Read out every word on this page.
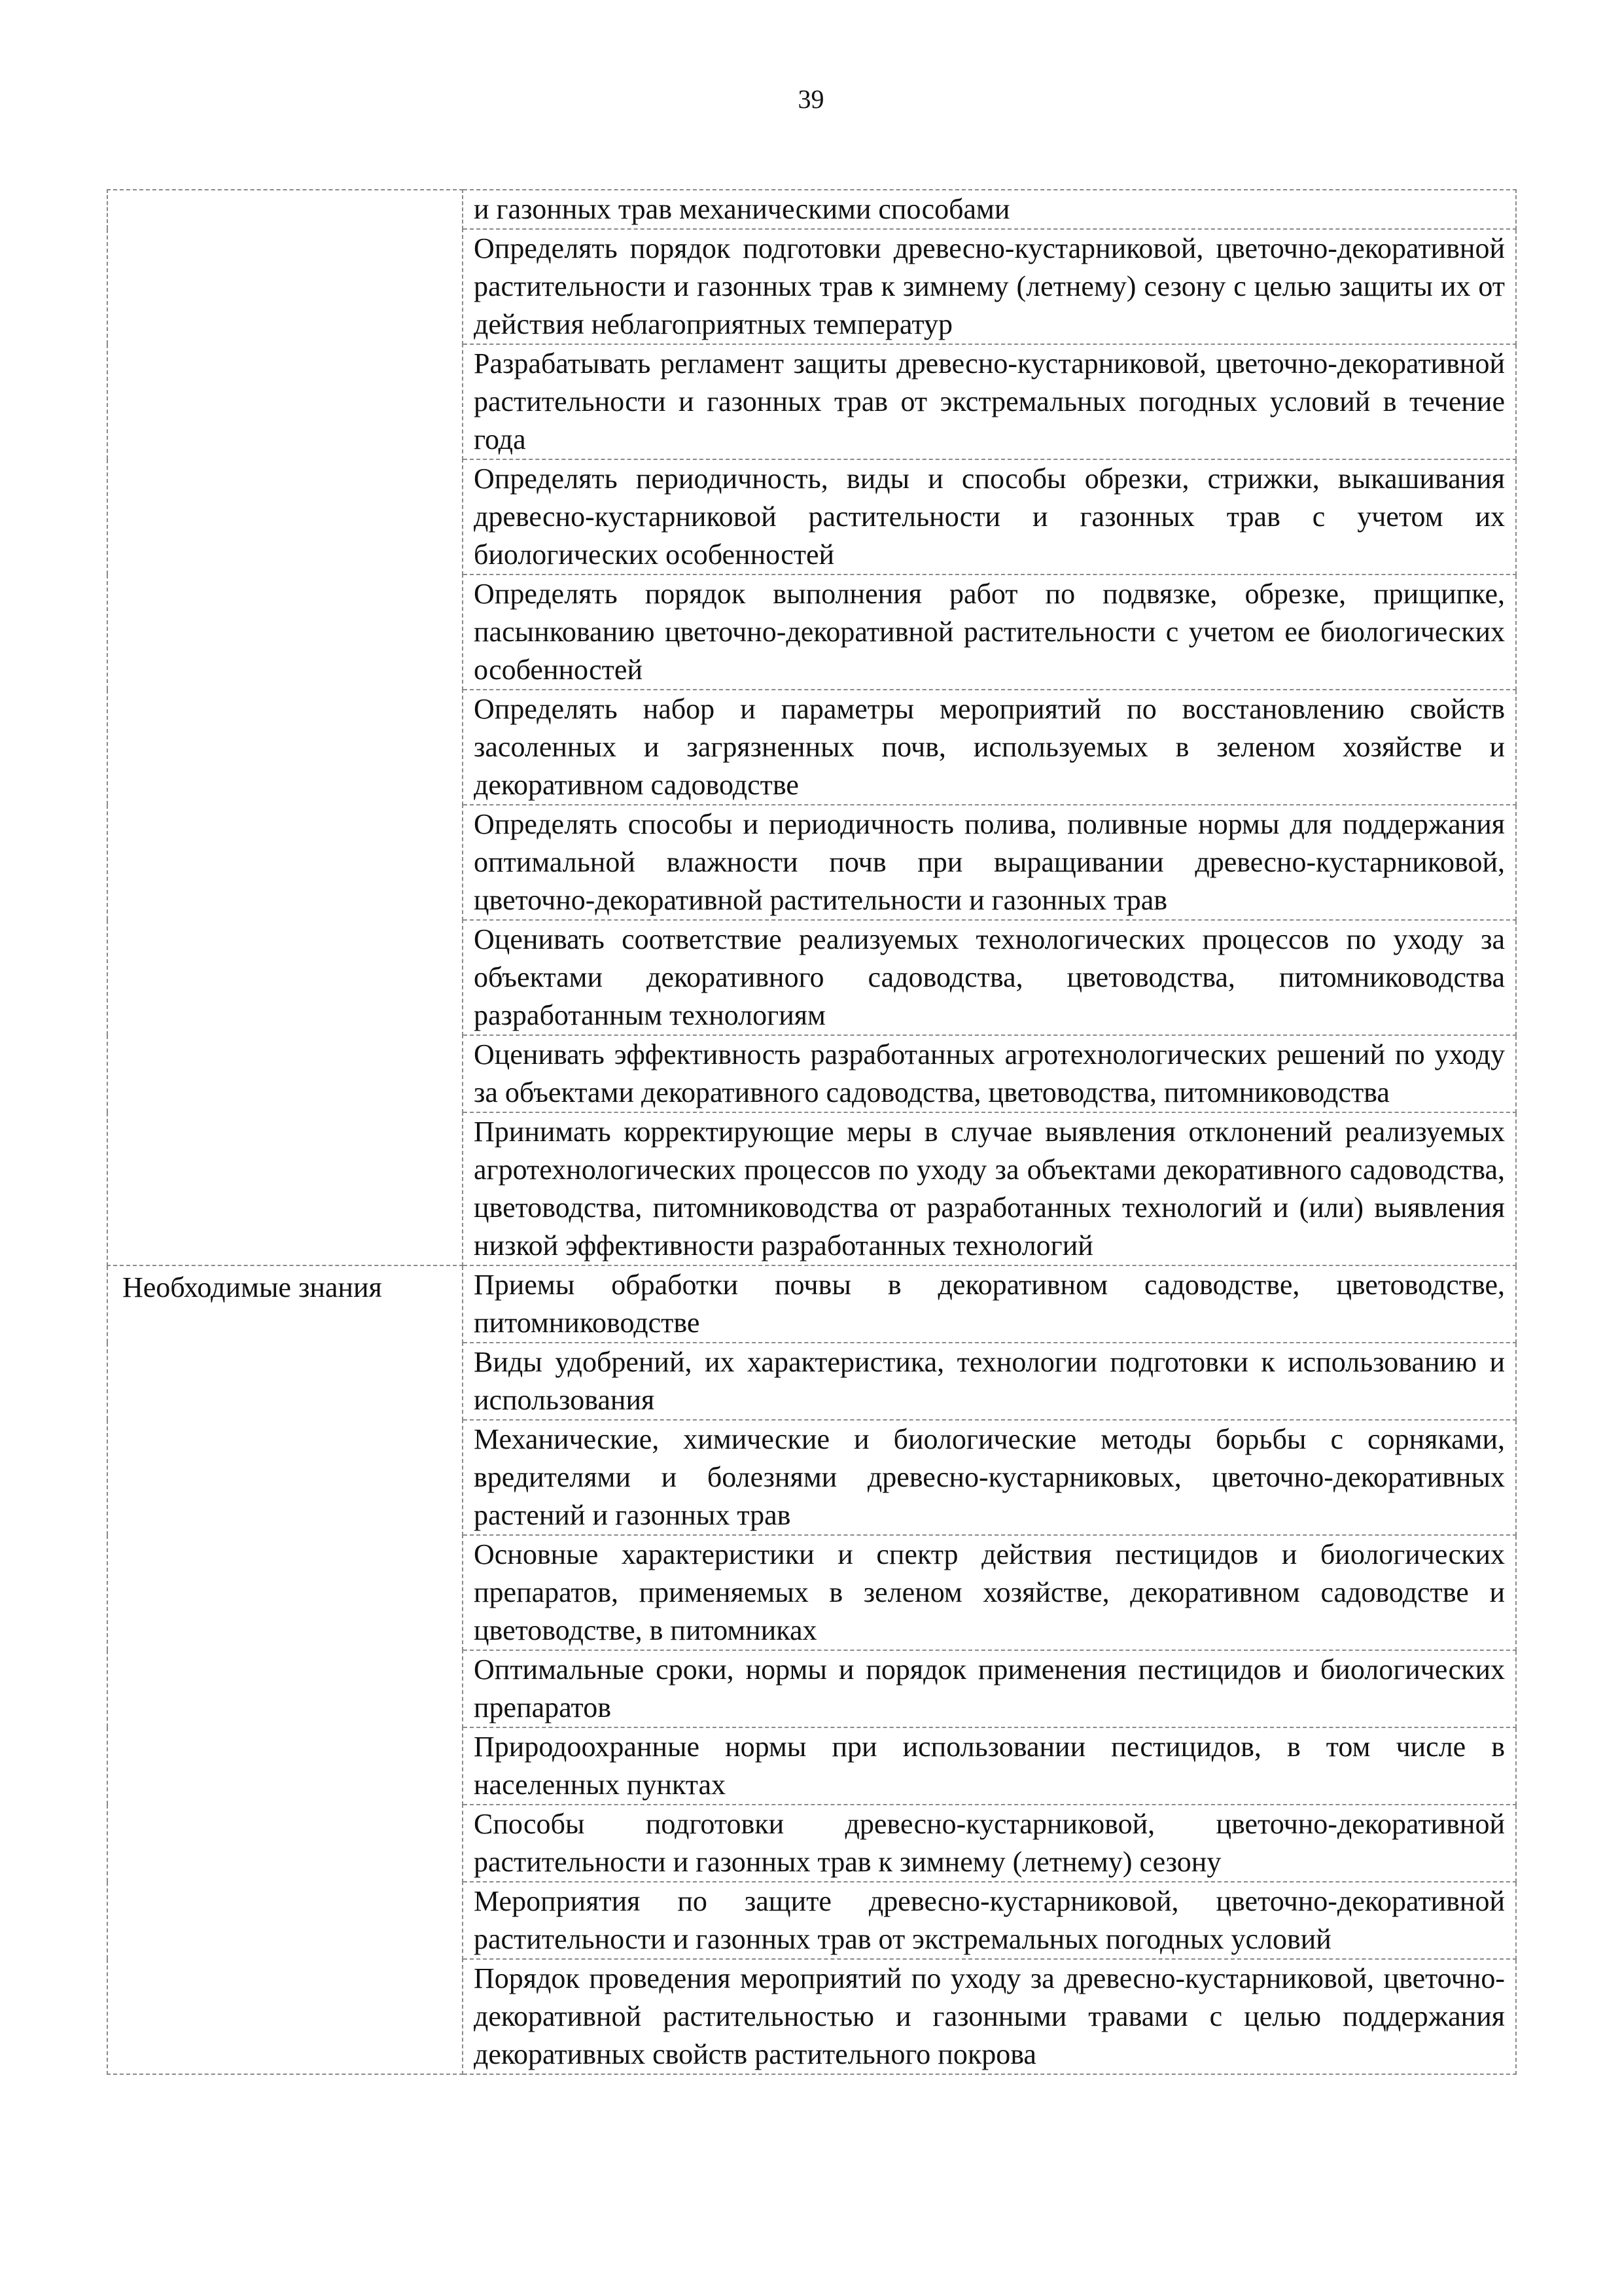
39

	и газонных трав механическими способами

	Определять порядок подготовки древесно-кустарниковой, цветочно-декоративной растительности и газонных трав к зимнему (летнему) сезону с целью защиты их от действия неблагоприятных температур

	Разрабатывать регламент защиты древесно-кустарниковой, цветочно-декоративной растительности и газонных трав от экстремальных погодных условий в течение года

	Определять периодичность, виды и способы обрезки, стрижки, выкашивания древесно-кустарниковой растительности и газонных трав с учетом их биологических особенностей

	Определять порядок выполнения работ по подвязке, обрезке, прищипке, пасынкованию цветочно-декоративной растительности с учетом ее биологических особенностей

	Определять набор и параметры мероприятий по восстановлению свойств засоленных и загрязненных почв, используемых в зеленом хозяйстве и декоративном садоводстве

	Определять способы и периодичность полива, поливные нормы для поддержания оптимальной влажности почв при выращивании древесно-кустарниковой, цветочно-декоративной растительности и газонных трав

	Оценивать соответствие реализуемых технологических процессов по уходу за объектами декоративного садоводства, цветоводства, питомниководства разработанным технологиям

	Оценивать эффективность разработанных агротехнологических решений по уходу за объектами декоративного садоводства, цветоводства, питомниководства

	Принимать корректирующие меры в случае выявления отклонений реализуемых агротехнологических процессов по уходу за объектами декоративного садоводства, цветоводства, питомниководства от разработанных технологий и (или) выявления низкой эффективности разработанных технологий

Необходимые знания	Приемы обработки почвы в декоративном садоводстве, цветоводстве, питомниководстве

	Виды удобрений, их характеристика, технологии подготовки к использованию и использования

	Механические, химические и биологические методы борьбы с сорняками, вредителями и болезнями древесно-кустарниковых, цветочно-декоративных растений и газонных трав

	Основные характеристики и спектр действия пестицидов и биологических препаратов, применяемых в зеленом хозяйстве, декоративном садоводстве и цветоводстве, в питомниках

	Оптимальные сроки, нормы и порядок применения пестицидов и биологических препаратов

	Природоохранные нормы при использовании пестицидов, в том числе в населенных пунктах

	Способы подготовки древесно-кустарниковой, цветочно-декоративной растительности и газонных трав к зимнему (летнему) сезону

	Мероприятия по защите древесно-кустарниковой, цветочно-декоративной растительности и газонных трав от экстремальных погодных условий

	Порядок проведения мероприятий по уходу за древесно-кустарниковой, цветочно-декоративной растительностью и газонными травами с целью поддержания декоративных свойств растительного покрова
